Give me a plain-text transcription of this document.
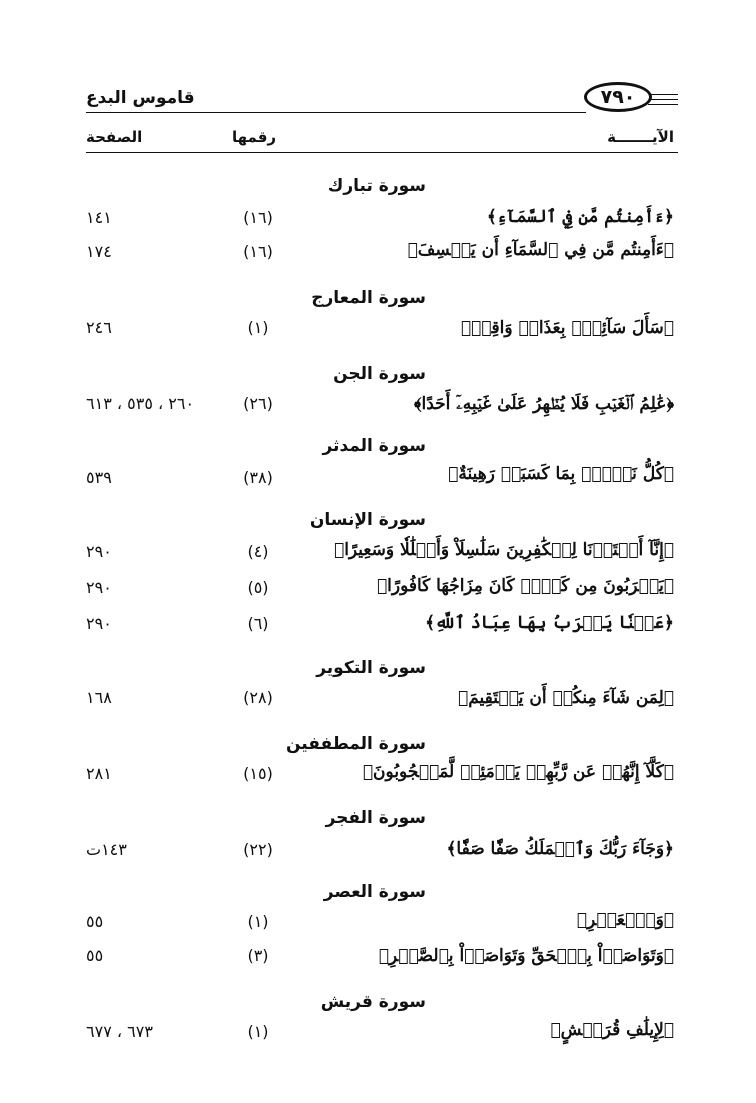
قاموس البدع	٧٩٠
الآيـــــــة
رقمها
الصفحة
سورة تبارك
﴿ءَأَمِنتُم مَّن فِي ٱلسَّمَآءِ﴾
(١٦)
١٤١
﴿ءَأَمِنتُم مَّن فِي ٱلسَّمَآءِ أَن يَخۡسِفَ﴾
(١٦)
١٧٤
سورة المعارج
﴿سَأَلَ سَآئِلُۢ بِعَذَابٖ وَاقِعٖ﴾
(١)
٢٤٦
سورة الجن
﴿عَٰلِمُ ٱلۡغَيۡبِ فَلَا يُظۡهِرُ عَلَىٰ غَيۡبِهِۦٓ أَحَدًا﴾
(٢٦)
٢٦٠ ، ٥٣٥ ، ٦١٣
سورة المدثر
﴿كُلُّ نَفۡسِۭ بِمَا كَسَبَتۡ رَهِينَةٌ﴾
(٣٨)
٥٣٩
سورة الإنسان
﴿إِنَّآ أَعۡتَدۡنَا لِلۡكَٰفِرِينَ سَلَٰسِلَاْ وَأَغۡلَٰلٗا وَسَعِيرًا﴾
(٤)
٢٩٠
﴿يَشۡرَبُونَ مِن كَأۡسٖ كَانَ مِزَاجُهَا كَافُورًا﴾
(٥)
٢٩٠
﴿عَيۡنٗا يَشۡرَبُ بِهَا عِبَادُ ٱللَّهِ﴾
(٦)
٢٩٠
سورة التكوير
﴿لِمَن شَآءَ مِنكُمۡ أَن يَسۡتَقِيمَ﴾
(٢٨)
١٦٨
سورة المطففين
﴿كَلَّآ إِنَّهُمۡ عَن رَّبِّهِمۡ يَوۡمَئِذٖ لَّمَحۡجُوبُونَ﴾
(١٥)
٢٨١
سورة الفجر
﴿وَجَآءَ رَبُّكَ وَٱلۡمَلَكُ صَفّٗا صَفّٗا﴾
(٢٢)
١٤٣ت
سورة العصر
﴿وَٱلۡعَصۡرِ﴾
(١)
٥٥
﴿وَتَوَاصَوۡاْ بِٱلۡحَقِّ وَتَوَاصَوۡاْ بِٱلصَّبۡرِ﴾
(٣)
٥٥
سورة قريش
﴿لِإِيلَٰفِ قُرَيۡشٍ﴾
(١)
٦٧٣ ، ٦٧٧
